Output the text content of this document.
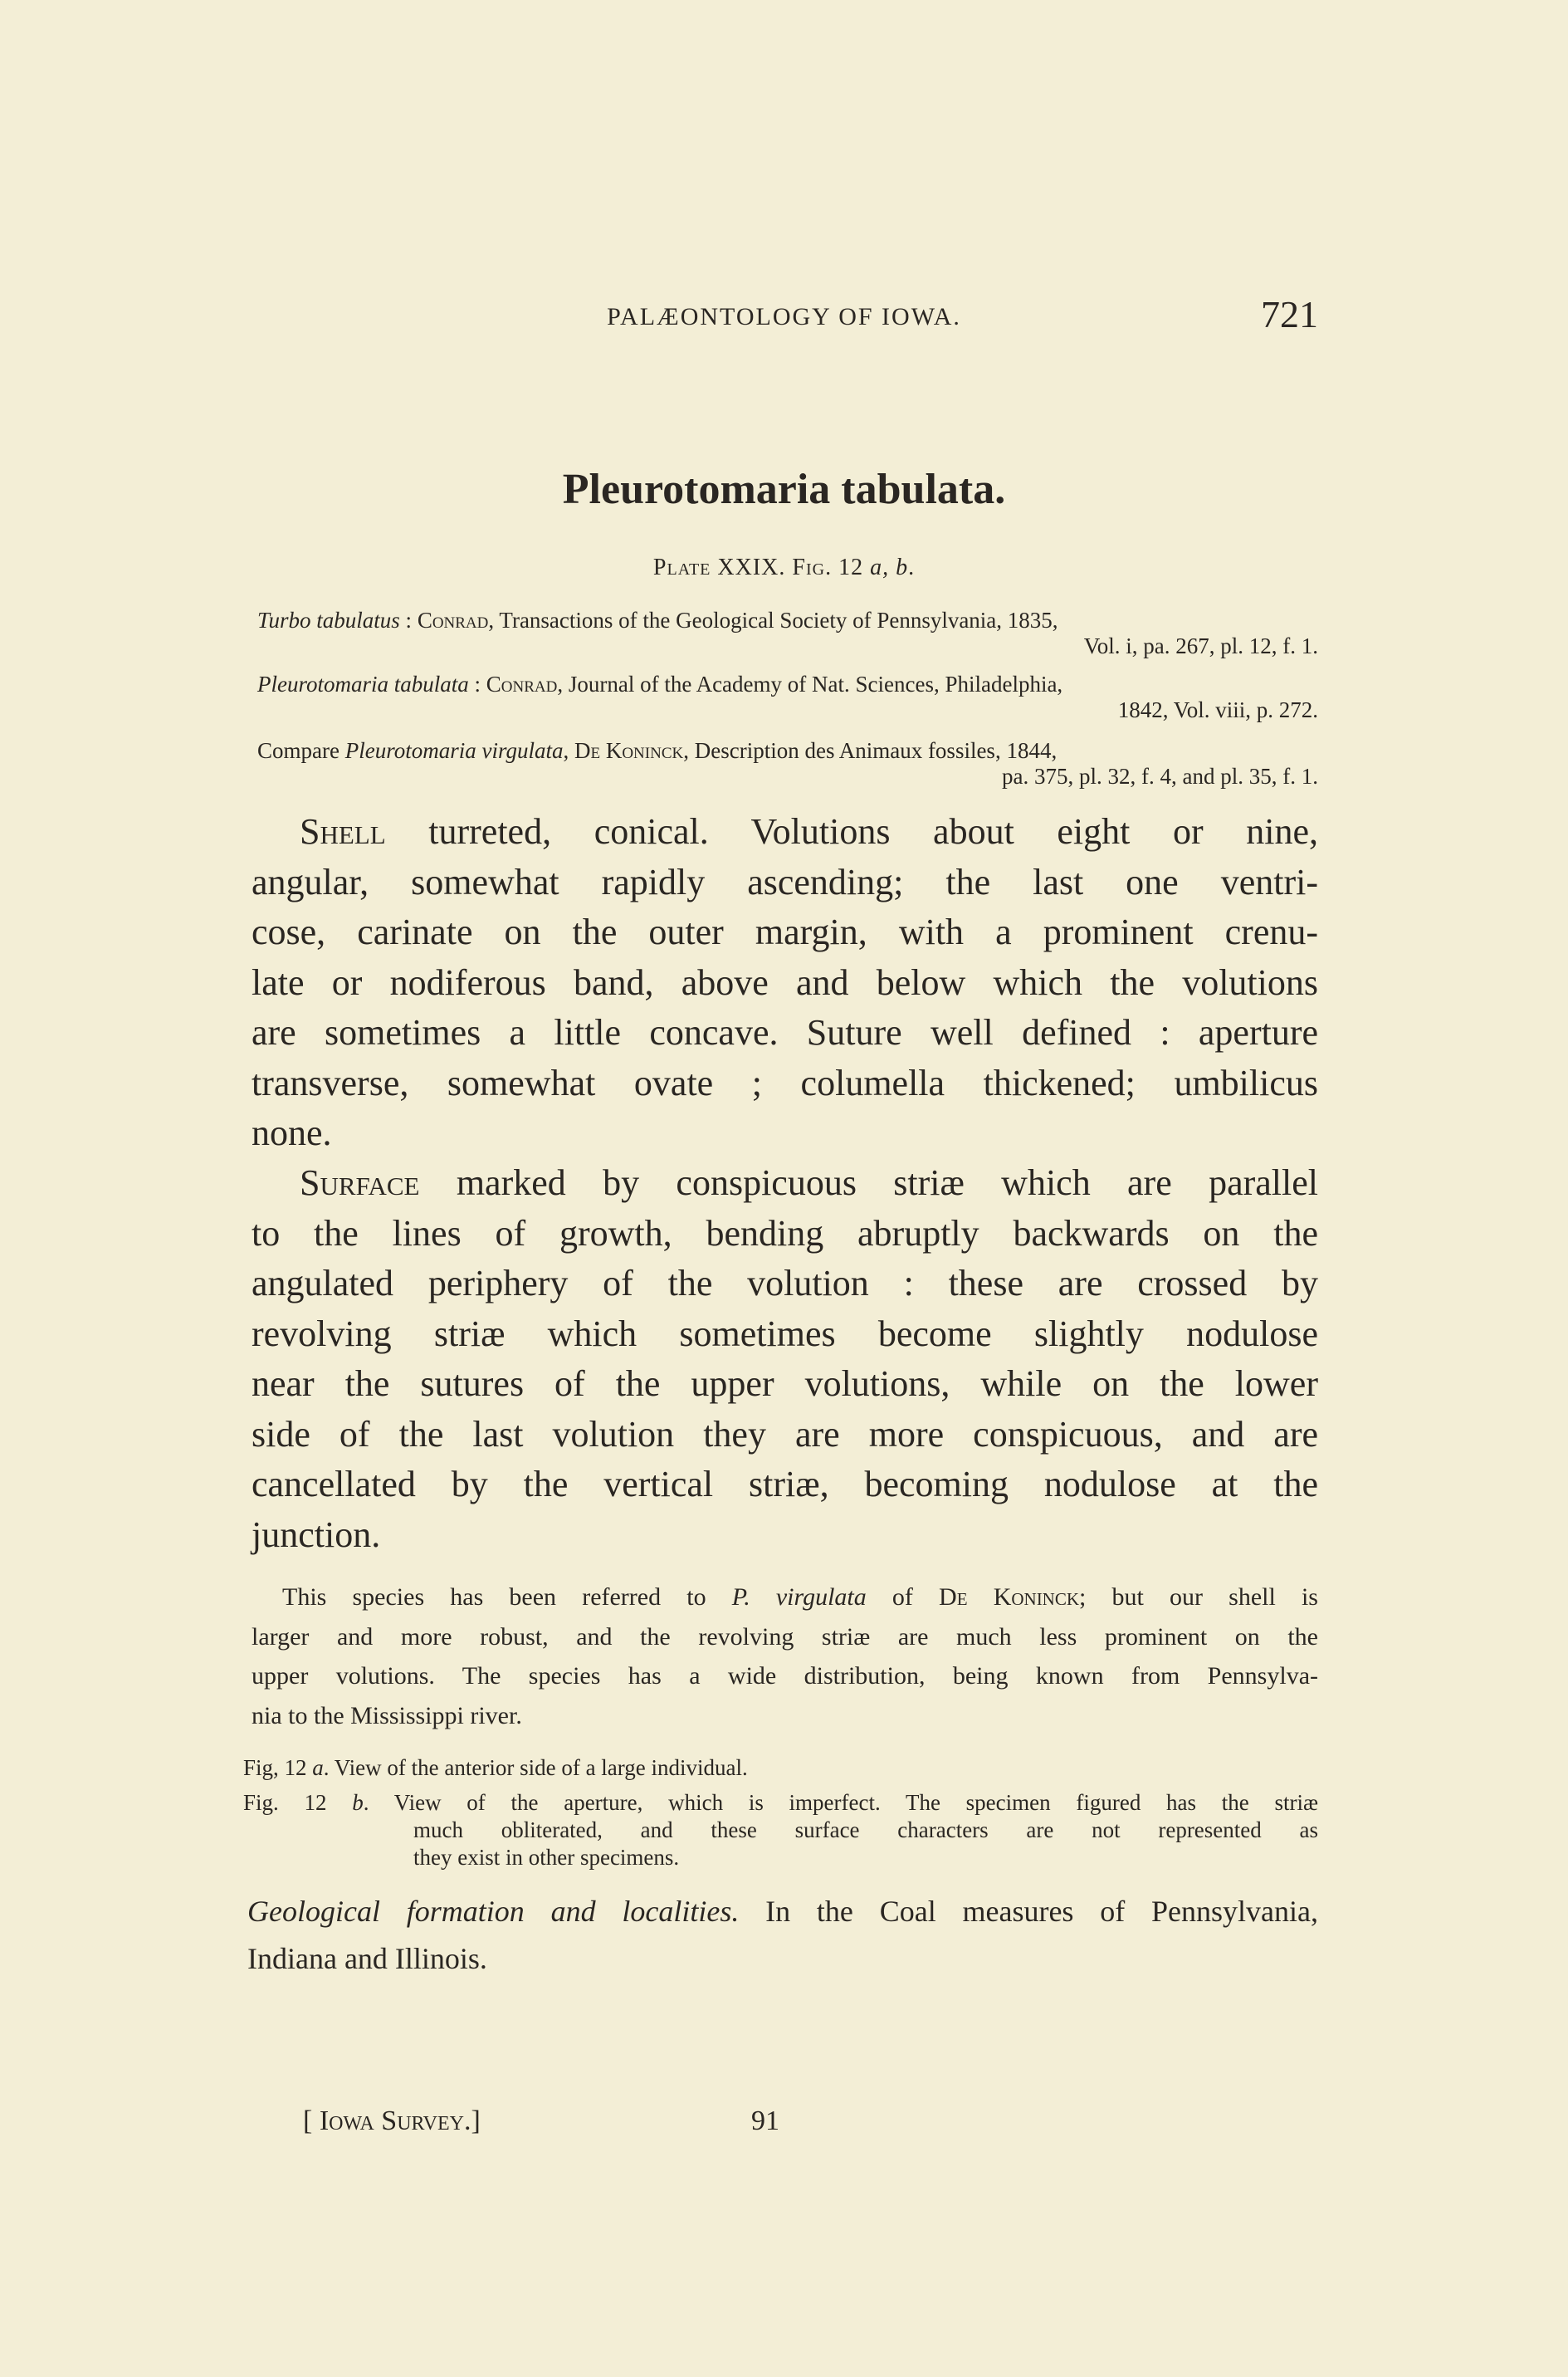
PALÆONTOLOGY OF IOWA.	721
Pleurotomaria tabulata.
Plate XXIX. Fig. 12 a, b.
This species has been referred to P. virgulata of De Koninck; but our shell is
larger and more robust, and the revolving striæ are much less prominent on the
upper volutions. The species has a wide distribution, being known from Pennsylva-
nia to the Mississippi river.
Fig, 12 a. View of the anterior side of a large individual.
Fig. 12 b. View of the aperture, which is imperfect. The specimen figured has the striæ
much obliterated, and these surface characters are not represented as
they exist in other specimens.
Geological formation and localities. In the Coal measures of Pennsylvania,
Indiana and Illinois.
[ Iowa Survey.]	91
Turbo tabulatus : Conrad, Transactions of the Geological Society of Pennsylvania, 1835,
Vol. i, pa. 267, pl. 12, f. 1.
Pleurotomaria tabulata : Conrad, Journal of the Academy of Nat. Sciences, Philadelphia,
1842, Vol. viii, p. 272.
Compare Pleurotomaria virgulata, De Koninck, Description des Animaux fossiles, 1844,
pa. 375, pl. 32, f. 4, and pl. 35, f. 1.
Shell turreted, conical. Volutions about eight or nine,
angular, somewhat rapidly ascending; the last one ventri-
cose, carinate on the outer margin, with a prominent crenu-
late or nodiferous band, above and below which the volutions
are sometimes a little concave. Suture well defined : aperture
transverse, somewhat ovate ; columella thickened; umbilicus
none.
Surface marked by conspicuous striæ which are parallel
to the lines of growth, bending abruptly backwards on the
angulated periphery of the volution : these are crossed by
revolving striæ which sometimes become slightly nodulose
near the sutures of the upper volutions, while on the lower
side of the last volution they are more conspicuous, and are
cancellated by the vertical striæ, becoming nodulose at the
junction.
